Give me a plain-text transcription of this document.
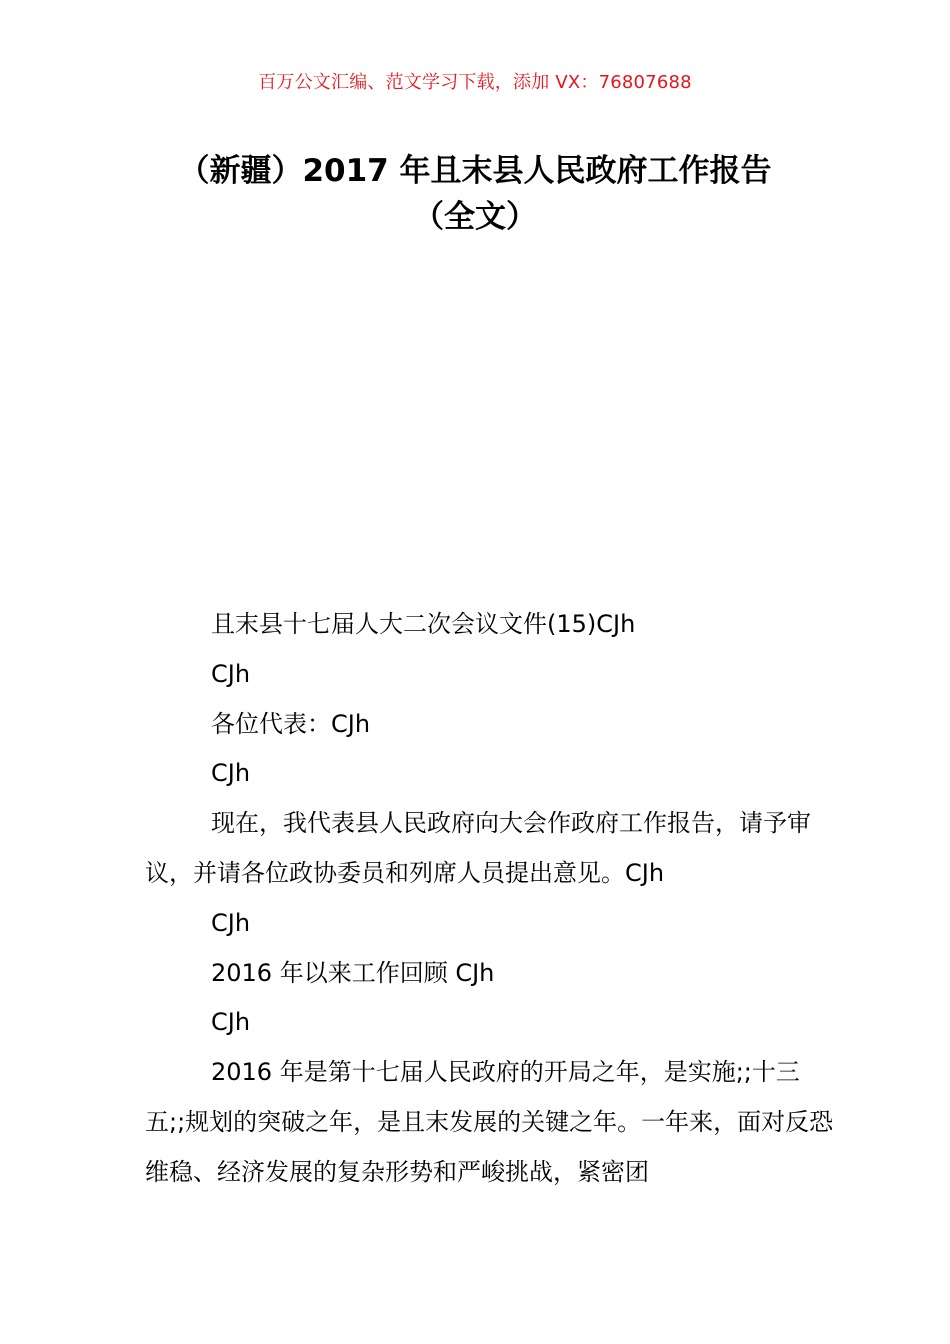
百万公文汇编、范文学习下载，添加 VX：76807688
（新疆）2017 年且末县人民政府工作报告
（全文）

且末县十七届人大二次会议文件(15)CJh

CJh

各位代表：CJh

CJh

现在，我代表县人民政府向大会作政府工作报告，请予审议，并请各位政协委员和列席人员提出意见。CJh

CJh

2016 年以来工作回顾 CJh

CJh

2016 年是第十七届人民政府的开局之年，是实施;;十三五;;规划的突破之年，是且末发展的关键之年。一年来，面对反恐维稳、经济发展的复杂形势和严峻挑战，紧密团
